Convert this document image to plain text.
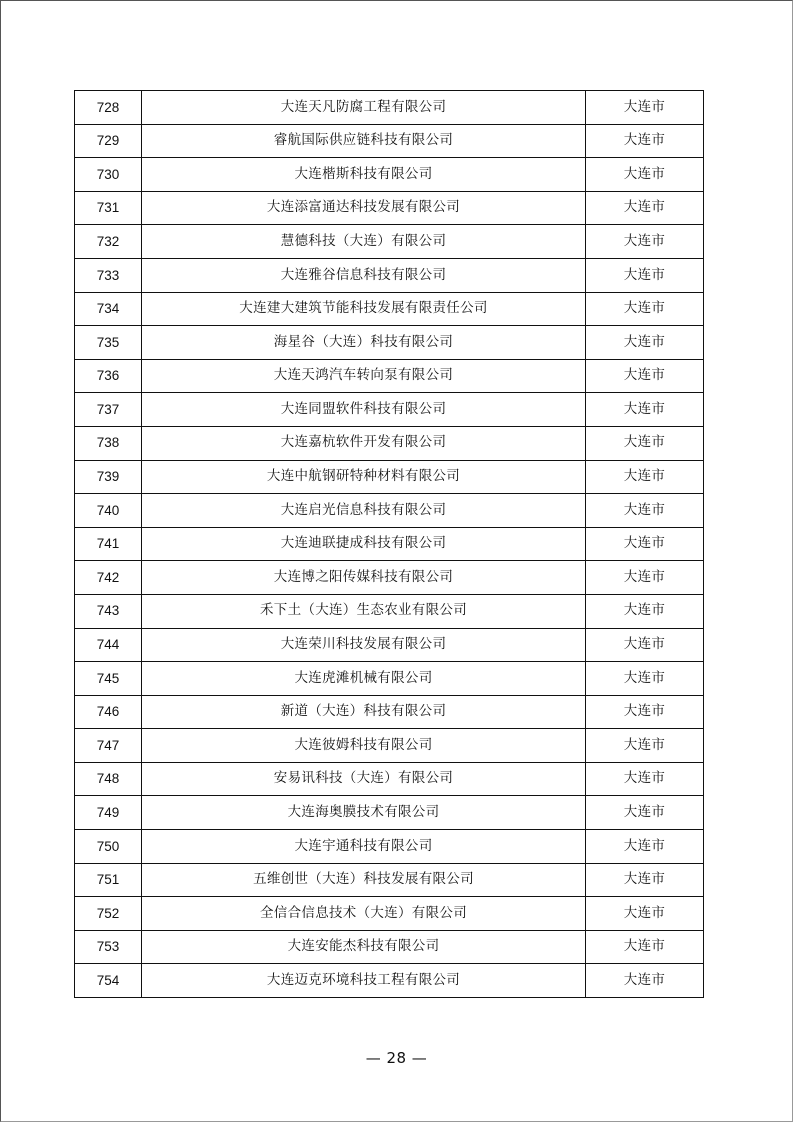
728	大连天凡防腐工程有限公司	大连市
729	睿航国际供应链科技有限公司	大连市
730	大连楷斯科技有限公司	大连市
731	大连添富通达科技发展有限公司	大连市
732	慧德科技（大连）有限公司	大连市
733	大连雅谷信息科技有限公司	大连市
734	大连建大建筑节能科技发展有限责任公司	大连市
735	海星谷（大连）科技有限公司	大连市
736	大连天鸿汽车转向泵有限公司	大连市
737	大连同盟软件科技有限公司	大连市
738	大连嘉杭软件开发有限公司	大连市
739	大连中航钢研特种材料有限公司	大连市
740	大连启光信息科技有限公司	大连市
741	大连迪联捷成科技有限公司	大连市
742	大连博之阳传媒科技有限公司	大连市
743	禾下土（大连）生态农业有限公司	大连市
744	大连荣川科技发展有限公司	大连市
745	大连虎滩机械有限公司	大连市
746	新道（大连）科技有限公司	大连市
747	大连彼姆科技有限公司	大连市
748	安易讯科技（大连）有限公司	大连市
749	大连海奥膜技术有限公司	大连市
750	大连宇通科技有限公司	大连市
751	五维创世（大连）科技发展有限公司	大连市
752	全信合信息技术（大连）有限公司	大连市
753	大连安能杰科技有限公司	大连市
754	大连迈克环境科技工程有限公司	大连市
— 28 —
